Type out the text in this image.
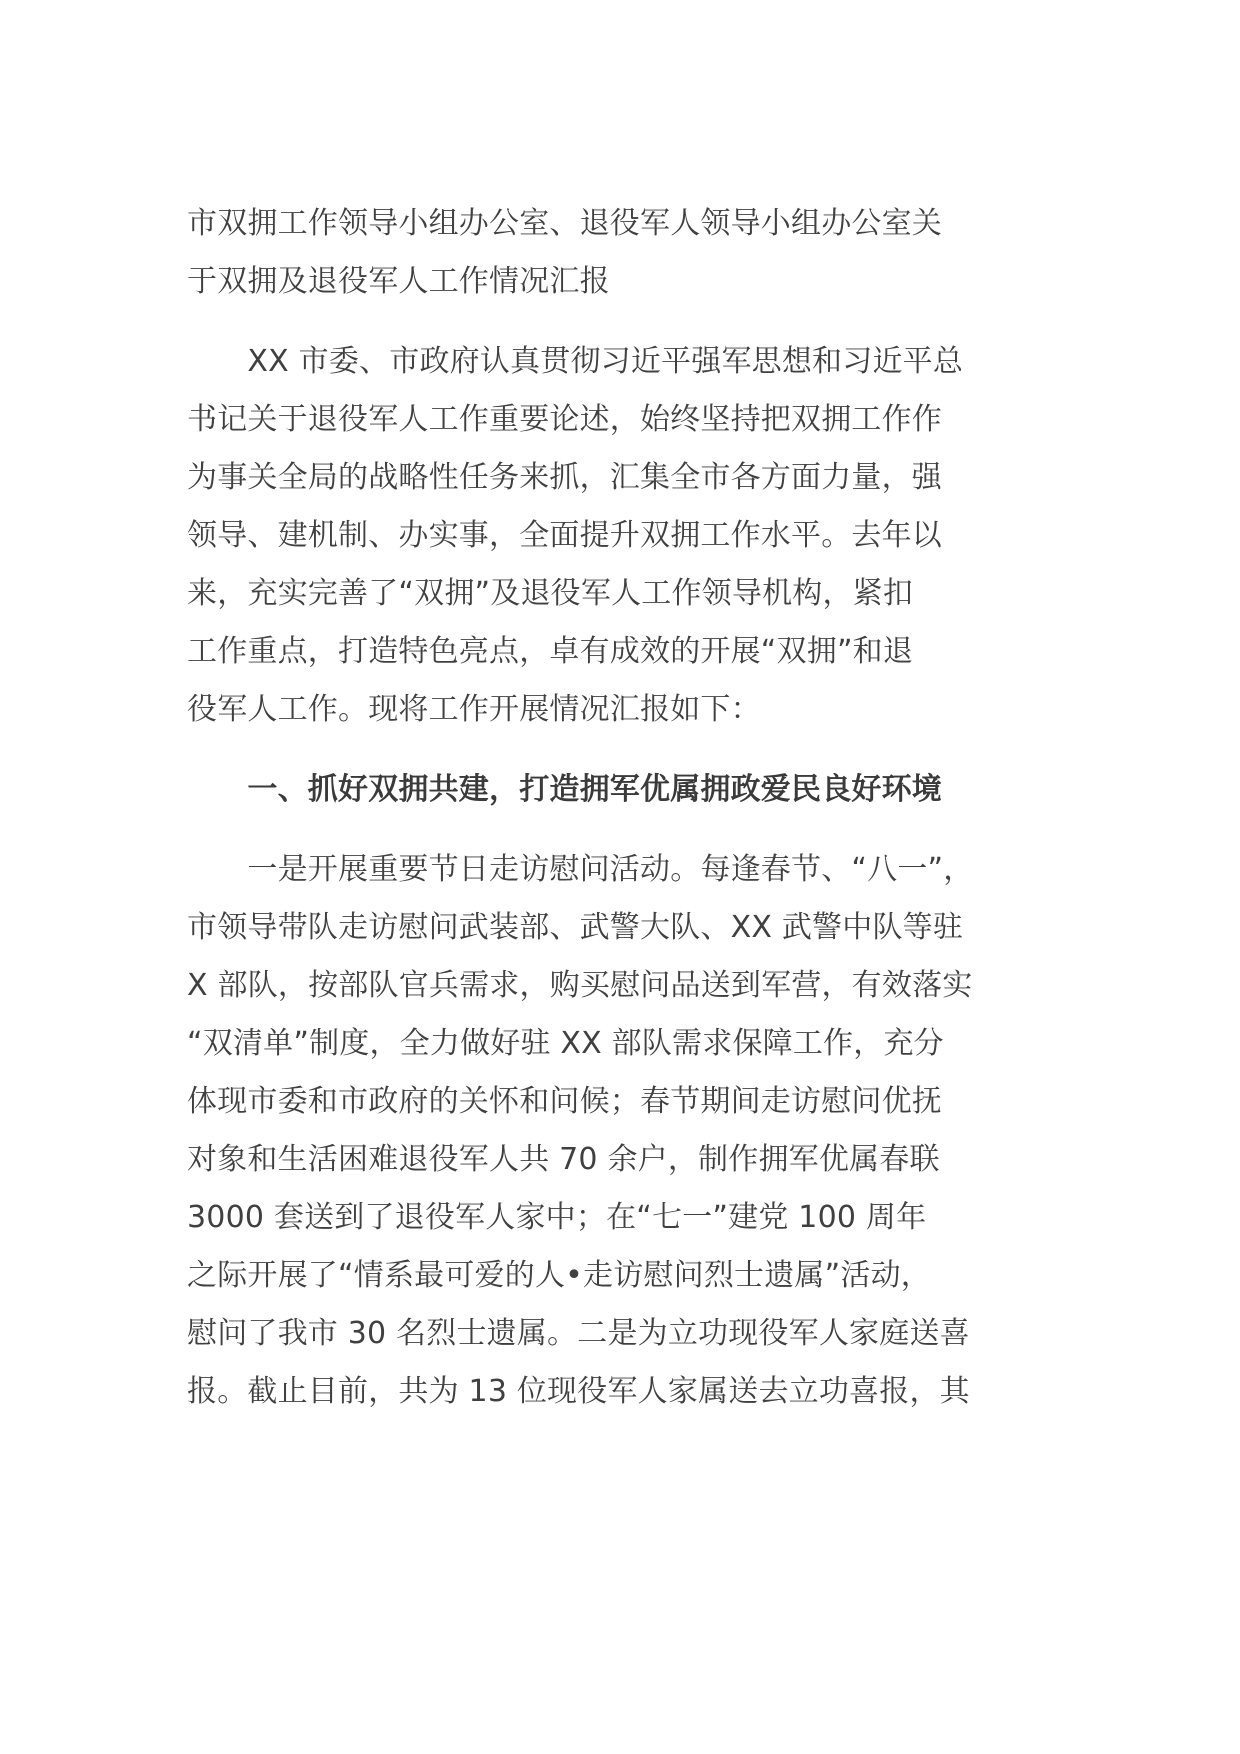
市双拥工作领导小组办公室、退役军人领导小组办公室关
于双拥及退役军人工作情况汇报
　　XX 市委、市政府认真贯彻习近平强军思想和习近平总
书记关于退役军人工作重要论述，始终坚持把双拥工作作
为事关全局的战略性任务来抓，汇集全市各方面力量，强
领导、建机制、办实事，全面提升双拥工作水平。去年以
来，充实完善了“双拥”及退役军人工作领导机构，紧扣
工作重点，打造特色亮点，卓有成效的开展“双拥”和退
役军人工作。现将工作开展情况汇报如下：
　　一、抓好双拥共建，打造拥军优属拥政爱民良好环境
　　一是开展重要节日走访慰问活动。每逢春节、“八一”，
市领导带队走访慰问武装部、武警大队、XX 武警中队等驻
X 部队，按部队官兵需求，购买慰问品送到军营，有效落实
“双清单”制度，全力做好驻 XX 部队需求保障工作，充分
体现市委和市政府的关怀和问候；春节期间走访慰问优抚
对象和生活困难退役军人共 70 余户，制作拥军优属春联
3000 套送到了退役军人家中；在“七一”建党 100 周年
之际开展了“情系最可爱的人•走访慰问烈士遗属”活动，
慰问了我市 30 名烈士遗属。二是为立功现役军人家庭送喜
报。截止目前，共为 13 位现役军人家属送去立功喜报，其
